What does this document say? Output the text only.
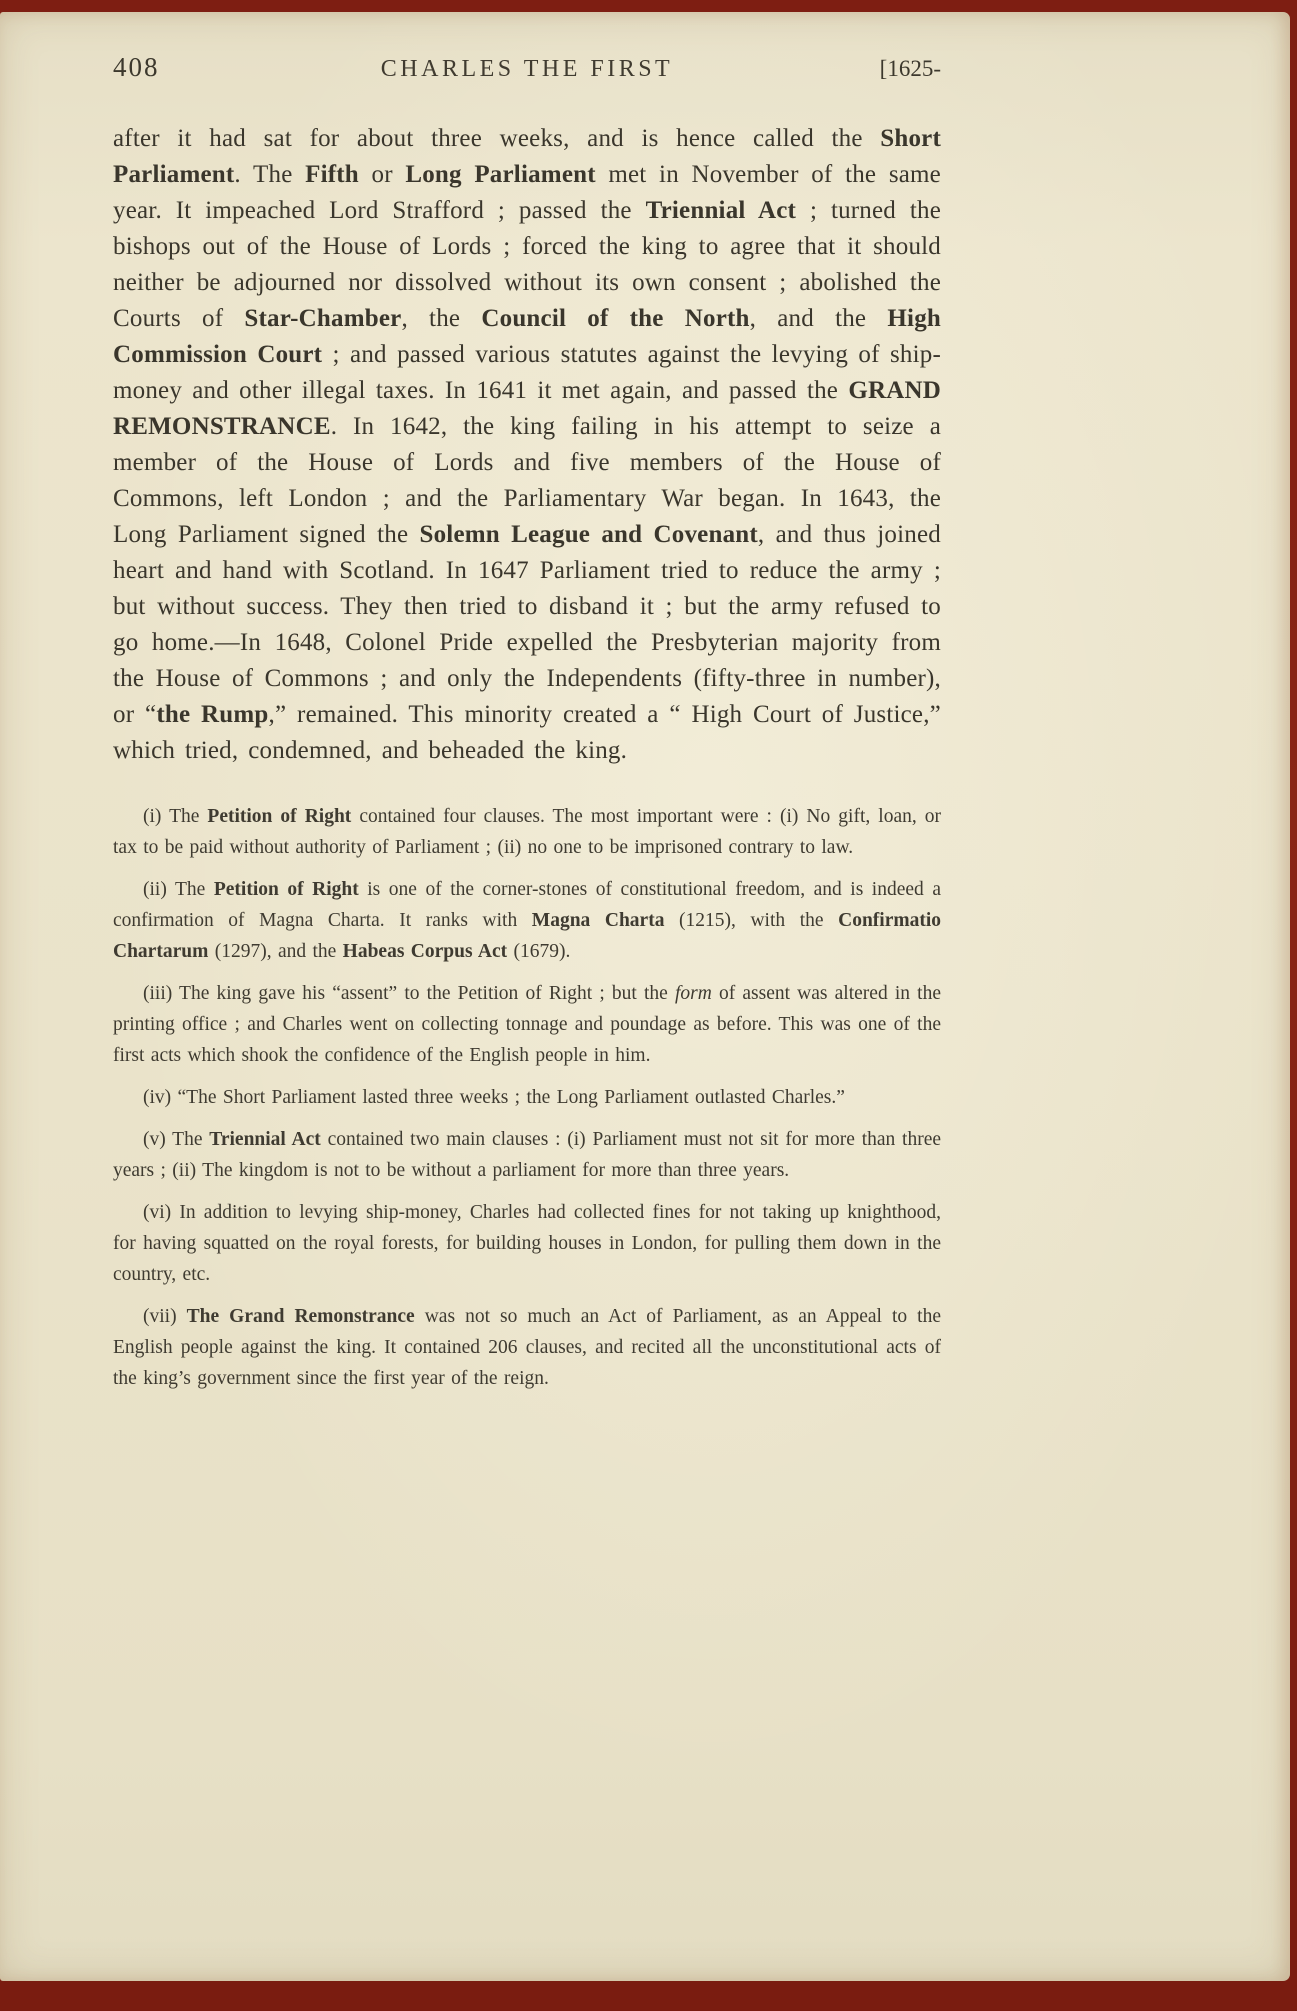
408	CHARLES THE FIRST	[1625-

after it had sat for about three weeks, and is hence called the Short Parliament. The Fifth or Long Parliament met in November of the same year. It impeached Lord Strafford ; passed the Triennial Act ; turned the bishops out of the House of Lords ; forced the king to agree that it should neither be adjourned nor dissolved without its own consent ; abolished the Courts of Star-Chamber, the Council of the North, and the High Commission Court ; and passed various statutes against the levying of ship-money and other illegal taxes. In 1641 it met again, and passed the GRAND REMONSTRANCE. In 1642, the king failing in his attempt to seize a member of the House of Lords and five members of the House of Commons, left London ; and the Parliamentary War began. In 1643, the Long Parliament signed the Solemn League and Covenant, and thus joined heart and hand with Scotland. In 1647 Parliament tried to reduce the army ; but without success. They then tried to disband it ; but the army refused to go home.—In 1648, Colonel Pride expelled the Presbyterian majority from the House of Commons ; and only the Independents (fifty-three in number), or “the Rump,” remained. This minority created a “ High Court of Justice,” which tried, condemned, and beheaded the king.

(i) The Petition of Right contained four clauses. The most important were : (i) No gift, loan, or tax to be paid without authority of Parliament ; (ii) no one to be imprisoned contrary to law.

(ii) The Petition of Right is one of the corner-stones of constitutional freedom, and is indeed a confirmation of Magna Charta. It ranks with Magna Charta (1215), with the Confirmatio Chartarum (1297), and the Habeas Corpus Act (1679).

(iii) The king gave his “assent” to the Petition of Right ; but the form of assent was altered in the printing office ; and Charles went on collecting tonnage and poundage as before. This was one of the first acts which shook the confidence of the English people in him.

(iv) “The Short Parliament lasted three weeks ; the Long Parliament outlasted Charles.”

(v) The Triennial Act contained two main clauses : (i) Parliament must not sit for more than three years ; (ii) The kingdom is not to be without a parliament for more than three years.

(vi) In addition to levying ship-money, Charles had collected fines for not taking up knighthood, for having squatted on the royal forests, for building houses in London, for pulling them down in the country, etc.

(vii) The Grand Remonstrance was not so much an Act of Parliament, as an Appeal to the English people against the king. It contained 206 clauses, and recited all the unconstitutional acts of the king’s government since the first year of the reign.
